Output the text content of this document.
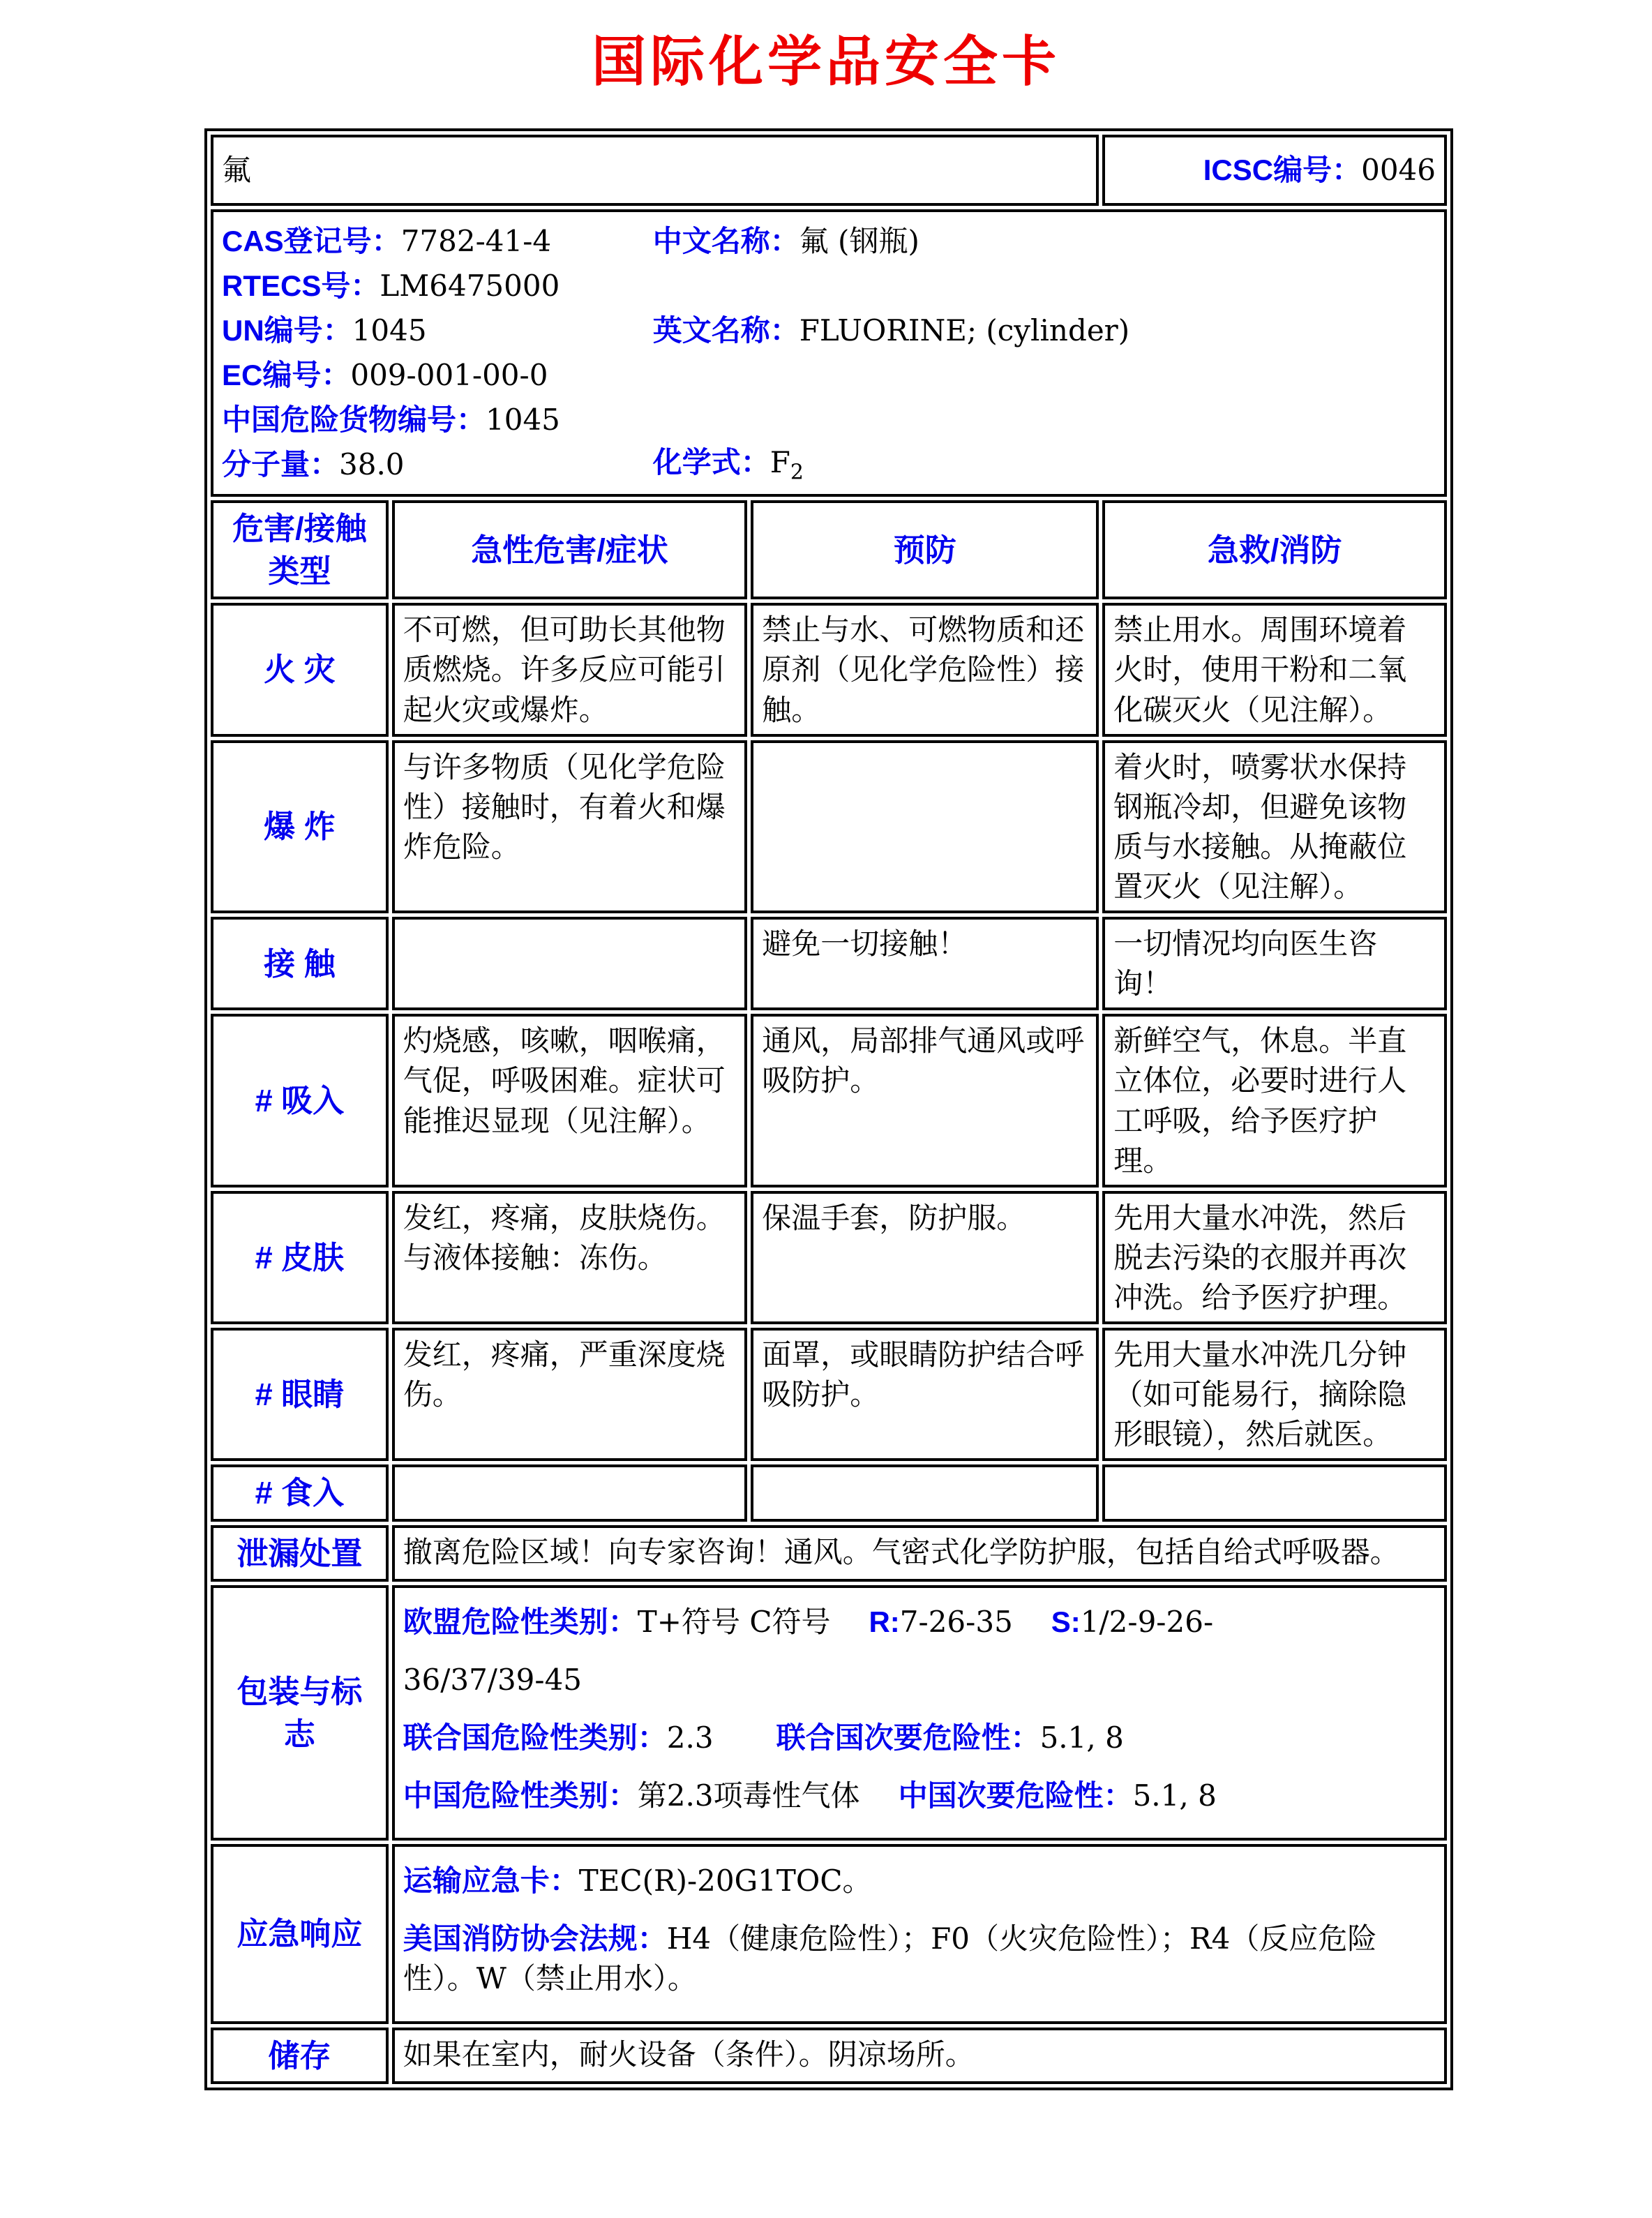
国际化学品安全卡
氟			ICSC编号：0046

CAS登记号：7782-41-4
RTECS号：LM6475000
UN编号：1045
EC编号：009-001-00-0
中国危险货物编号：1045
分子量：38.0
中文名称：氟 (钢瓶)
英文名称：FLUORINE; (cylinder)
化学式：$F_2$

危害/接触类型	急性危害/症状	预防	急救/消防
火 灾	不可燃，但可助长其他物质燃烧。许多反应可能引起火灾或爆炸。	禁止与水、可燃物质和还原剂（见化学危险性）接触。	禁止用水。周围环境着火时，使用干粉和二氧化碳灭火（见注解）。
爆 炸	与许多物质（见化学危险性）接触时，有着火和爆炸危险。		着火时，喷雾状水保持钢瓶冷却，但避免该物质与水接触。从掩蔽位置灭火（见注解）。
接 触		避免一切接触！	一切情况均向医生咨询！
# 吸入	灼烧感，咳嗽，咽喉痛，气促，呼吸困难。症状可能推迟显现（见注解）。	通风，局部排气通风或呼吸防护。	新鲜空气，休息。半直立体位，必要时进行人工呼吸，给予医疗护理。
# 皮肤	发红，疼痛，皮肤烧伤。与液体接触：冻伤。	保温手套，防护服。	先用大量水冲洗，然后脱去污染的衣服并再次冲洗。给予医疗护理。
# 眼睛	发红，疼痛，严重深度烧伤。	面罩，或眼睛防护结合呼吸防护。	先用大量水冲洗几分钟（如可能易行，摘除隐形眼镜），然后就医。
# 食入			
泄漏处置	撤离危险区域！向专家咨询！通风。气密式化学防护服，包括自给式呼吸器。		
包装与标志	欧盟危险性类别：T+符号 C符号 R:7-26-35 S:1/2-9-26-
36/37/39-45
联合国危险性类别：2.3 联合国次要危险性：5.1, 8
中国危险性类别：第2.3项毒性气体 中国次要危险性：5.1, 8		

应急响应	运输应急卡：TEC(R)-20G1TOC。
美国消防协会法规：H4（健康危险性）；F0（火灾危险性）；R4（反应危险性）。W（禁止用水）。		

储存	如果在室内，耐火设备（条件）。阴凉场所。		
